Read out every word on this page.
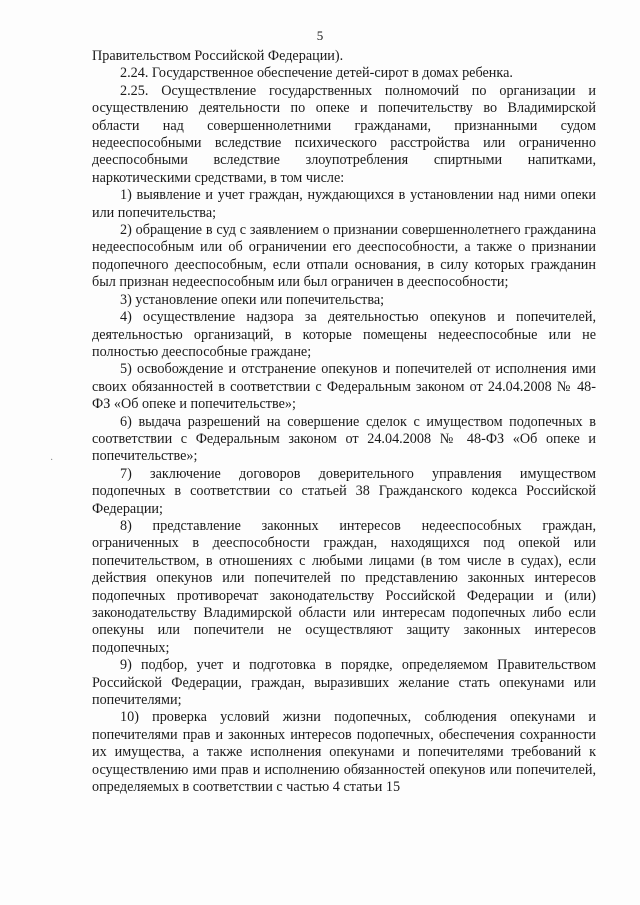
5

Правительством Российской Федерации).

2.24. Государственное обеспечение детей-сирот в домах ребенка.

2.25. Осуществление государственных полномочий по организации и осуществлению деятельности по опеке и попечительству во Владимирской области над совершеннолетними гражданами, признанными судом недееспособными вследствие психического расстройства или ограниченно дееспособными вследствие злоупотребления спиртными напитками, наркотическими средствами, в том числе:

1) выявление и учет граждан, нуждающихся в установлении над ними опеки или попечительства;

2) обращение в суд с заявлением о признании совершеннолетнего гражданина недееспособным или об ограничении его дееспособности, а также о признании подопечного дееспособным, если отпали основания, в силу которых гражданин был признан недееспособным или был ограничен в дееспособности;

3) установление опеки или попечительства;

4) осуществление надзора за деятельностью опекунов и попечителей, деятельностью организаций, в которые помещены недееспособные или не полностью дееспособные граждане;

5) освобождение и отстранение опекунов и попечителей от исполнения ими своих обязанностей в соответствии с Федеральным законом от 24.04.2008 № 48-ФЗ «Об опеке и попечительстве»;

6) выдача разрешений на совершение сделок с имуществом подопечных в соответствии с Федеральным законом от 24.04.2008 № 48-ФЗ «Об опеке и попечительстве»;

7) заключение договоров доверительного управления имуществом подопечных в соответствии со статьей 38 Гражданского кодекса Российской Федерации;

8) представление законных интересов недееспособных граждан, ограниченных в дееспособности граждан, находящихся под опекой или попечительством, в отношениях с любыми лицами (в том числе в судах), если действия опекунов или попечителей по представлению законных интересов подопечных противоречат законодательству Российской Федерации и (или) законодательству Владимирской области или интересам подопечных либо если опекуны или попечители не осуществляют защиту законных интересов подопечных;

9) подбор, учет и подготовка в порядке, определяемом Правительством Российской Федерации, граждан, выразивших желание стать опекунами или попечителями;

10) проверка условий жизни подопечных, соблюдения опекунами и попечителями прав и законных интересов подопечных, обеспечения сохранности их имущества, а также исполнения опекунами и попечителями требований к осуществлению ими прав и исполнению обязанностей опекунов или попечителей, определяемых в соответствии с частью 4 статьи 15

·
